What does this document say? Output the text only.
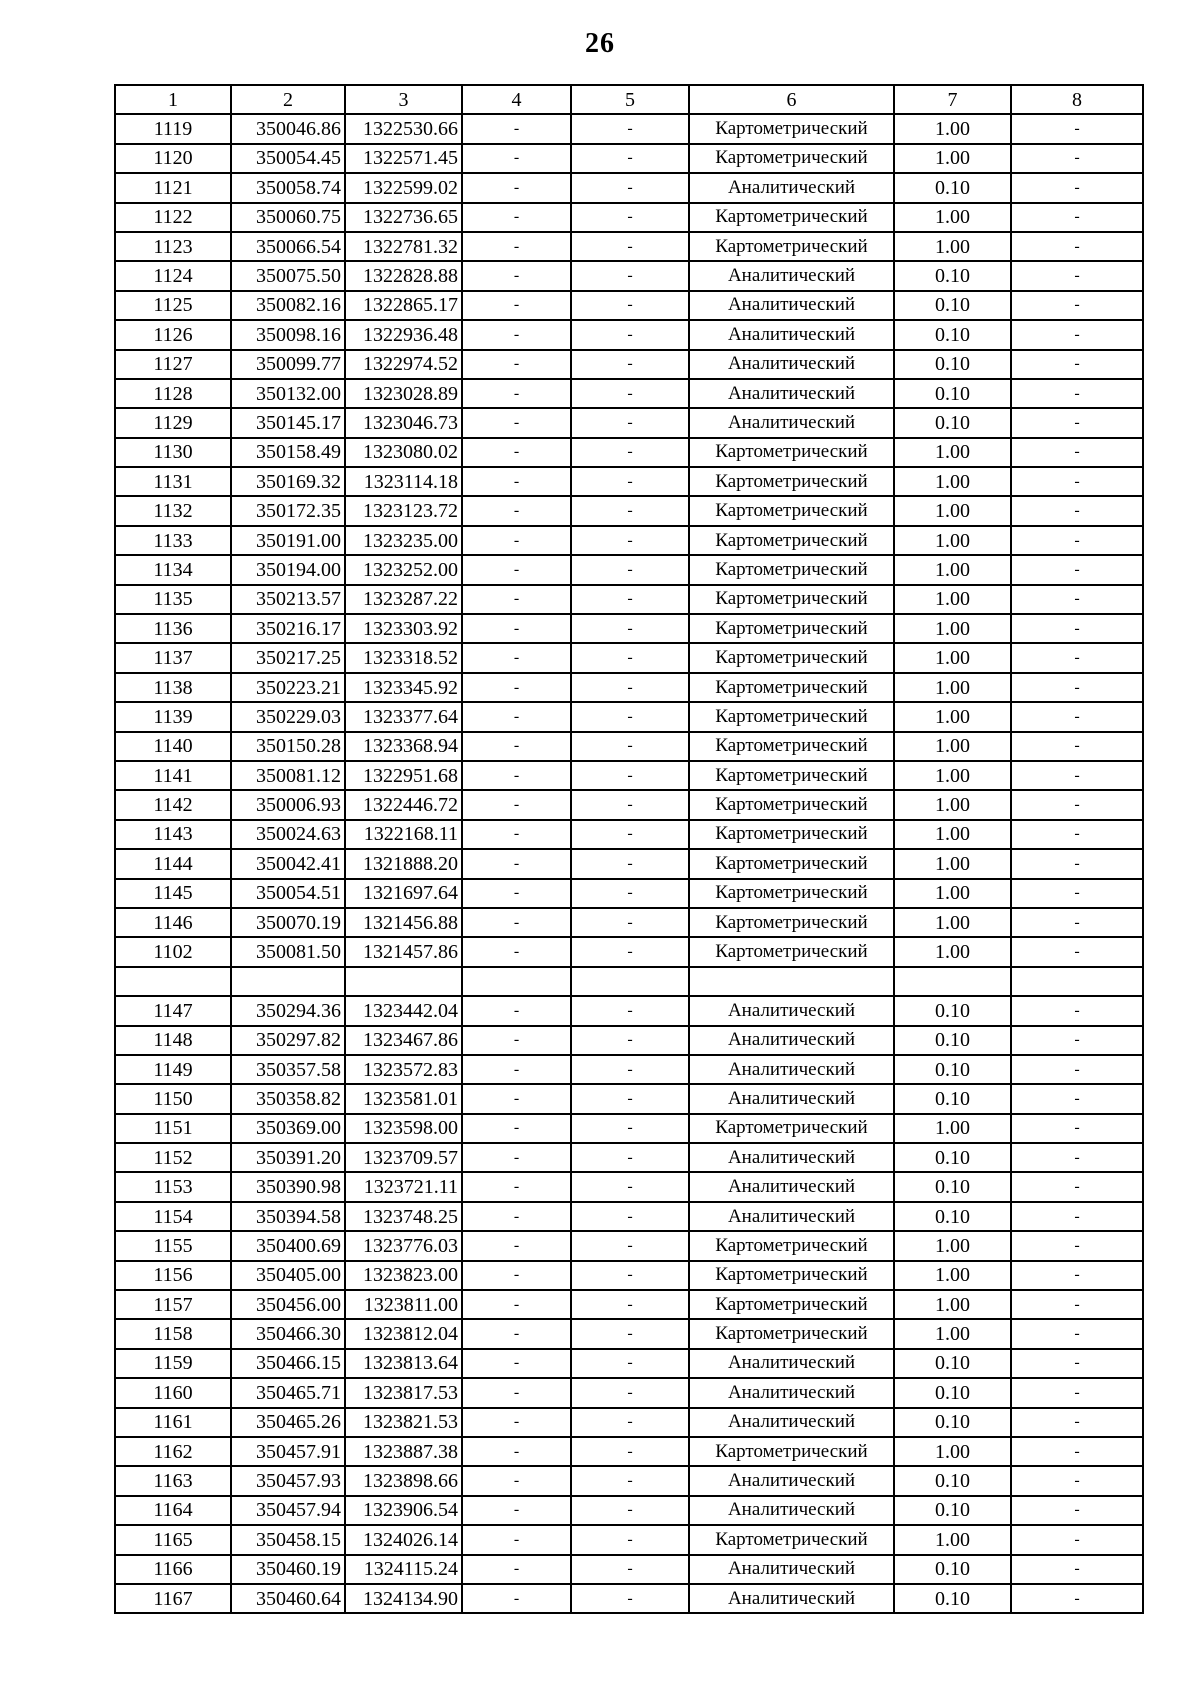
26
1	2	3	4	5	6	7	8
1119	350046.86	1322530.66	-	-	Картометрический	1.00	-
1120	350054.45	1322571.45	-	-	Картометрический	1.00	-
1121	350058.74	1322599.02	-	-	Аналитический	0.10	-
1122	350060.75	1322736.65	-	-	Картометрический	1.00	-
1123	350066.54	1322781.32	-	-	Картометрический	1.00	-
1124	350075.50	1322828.88	-	-	Аналитический	0.10	-
1125	350082.16	1322865.17	-	-	Аналитический	0.10	-
1126	350098.16	1322936.48	-	-	Аналитический	0.10	-
1127	350099.77	1322974.52	-	-	Аналитический	0.10	-
1128	350132.00	1323028.89	-	-	Аналитический	0.10	-
1129	350145.17	1323046.73	-	-	Аналитический	0.10	-
1130	350158.49	1323080.02	-	-	Картометрический	1.00	-
1131	350169.32	1323114.18	-	-	Картометрический	1.00	-
1132	350172.35	1323123.72	-	-	Картометрический	1.00	-
1133	350191.00	1323235.00	-	-	Картометрический	1.00	-
1134	350194.00	1323252.00	-	-	Картометрический	1.00	-
1135	350213.57	1323287.22	-	-	Картометрический	1.00	-
1136	350216.17	1323303.92	-	-	Картометрический	1.00	-
1137	350217.25	1323318.52	-	-	Картометрический	1.00	-
1138	350223.21	1323345.92	-	-	Картометрический	1.00	-
1139	350229.03	1323377.64	-	-	Картометрический	1.00	-
1140	350150.28	1323368.94	-	-	Картометрический	1.00	-
1141	350081.12	1322951.68	-	-	Картометрический	1.00	-
1142	350006.93	1322446.72	-	-	Картометрический	1.00	-
1143	350024.63	1322168.11	-	-	Картометрический	1.00	-
1144	350042.41	1321888.20	-	-	Картометрический	1.00	-
1145	350054.51	1321697.64	-	-	Картометрический	1.00	-
1146	350070.19	1321456.88	-	-	Картометрический	1.00	-
1102	350081.50	1321457.86	-	-	Картометрический	1.00	-

1147	350294.36	1323442.04	-	-	Аналитический	0.10	-
1148	350297.82	1323467.86	-	-	Аналитический	0.10	-
1149	350357.58	1323572.83	-	-	Аналитический	0.10	-
1150	350358.82	1323581.01	-	-	Аналитический	0.10	-
1151	350369.00	1323598.00	-	-	Картометрический	1.00	-
1152	350391.20	1323709.57	-	-	Аналитический	0.10	-
1153	350390.98	1323721.11	-	-	Аналитический	0.10	-
1154	350394.58	1323748.25	-	-	Аналитический	0.10	-
1155	350400.69	1323776.03	-	-	Картометрический	1.00	-
1156	350405.00	1323823.00	-	-	Картометрический	1.00	-
1157	350456.00	1323811.00	-	-	Картометрический	1.00	-
1158	350466.30	1323812.04	-	-	Картометрический	1.00	-
1159	350466.15	1323813.64	-	-	Аналитический	0.10	-
1160	350465.71	1323817.53	-	-	Аналитический	0.10	-
1161	350465.26	1323821.53	-	-	Аналитический	0.10	-
1162	350457.91	1323887.38	-	-	Картометрический	1.00	-
1163	350457.93	1323898.66	-	-	Аналитический	0.10	-
1164	350457.94	1323906.54	-	-	Аналитический	0.10	-
1165	350458.15	1324026.14	-	-	Картометрический	1.00	-
1166	350460.19	1324115.24	-	-	Аналитический	0.10	-
1167	350460.64	1324134.90	-	-	Аналитический	0.10	-
